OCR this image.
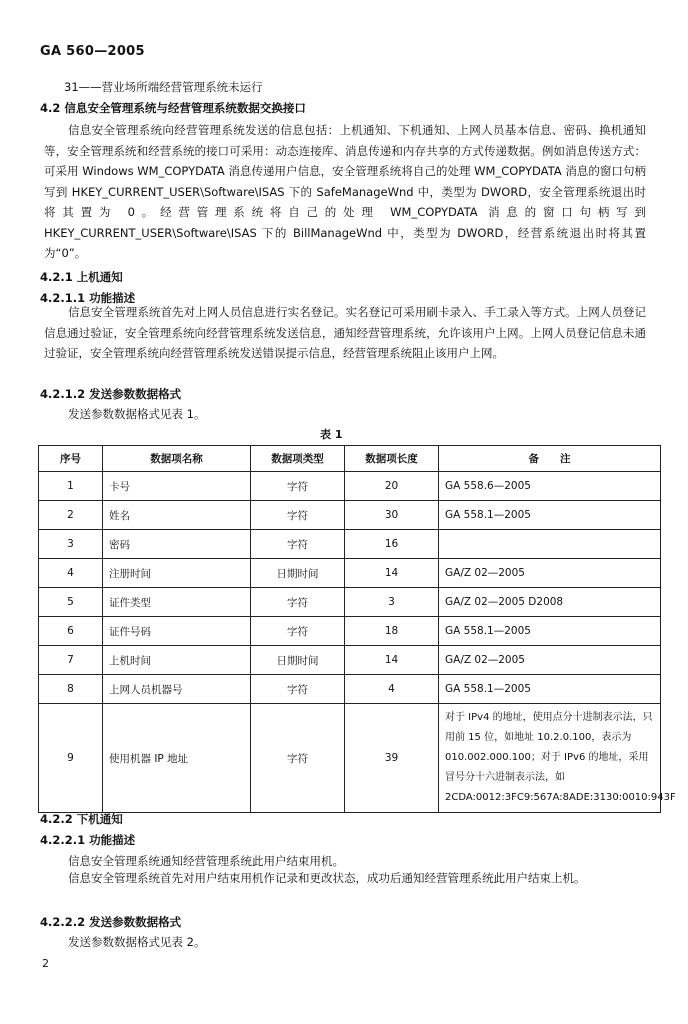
GA 560—2005
31——营业场所端经营管理系统未运行
4.2 信息安全管理系统与经营管理系统数据交换接口
信息安全管理系统向经营管理系统发送的信息包括：上机通知、下机通知、上网人员基本信息、密码、换机通知等，安全管理系统和经营系统的接口可采用：动态连接库、消息传递和内存共享的方式传递数据。例如消息传送方式：可采用 Windows WM_COPYDATA 消息传递用户信息，安全管理系统将自己的处理 WM_COPYDATA 消息的窗口句柄写到 HKEY_CURRENT_USER\Software\ISAS 下的 SafeManageWnd 中，类型为 DWORD，安全管理系统退出时将其置为 0。经营管理系统将自己的处理 WM_COPYDATA 消息的窗口句柄写到 HKEY_CURRENT_USER\Software\ISAS 下的 BillManageWnd 中，类型为 DWORD，经营系统退出时将其置为“0”。
4.2.1 上机通知
4.2.1.1 功能描述
信息安全管理系统首先对上网人员信息进行实名登记。实名登记可采用刷卡录入、手工录入等方式。上网人员登记信息通过验证，安全管理系统向经营管理系统发送信息，通知经营管理系统，允许该用户上网。上网人员登记信息未通过验证，安全管理系统向经营管理系统发送错误提示信息，经营管理系统阻止该用户上网。
4.2.1.2 发送参数数据格式
发送参数数据格式见表 1。
表 1
序号	数据项名称	数据项类型	数据项长度	备　　注
1	卡号	字符	20	GA 558.6—2005
2	姓名	字符	30	GA 558.1—2005
3	密码	字符	16	
4	注册时间	日期时间	14	GA/Z 02—2005
5	证件类型	字符	3	GA/Z 02—2005 D2008
6	证件号码	字符	18	GA 558.1—2005
7	上机时间	日期时间	14	GA/Z 02—2005
8	上网人员机器号	字符	4	GA 558.1—2005
9	使用机器 IP 地址	字符	39	对于 IPv4 的地址，使用点分十进制表示法，只用前 15 位，如地址 10.2.0.100，表示为 010.002.000.100；对于 IPv6 的地址，采用冒号分十六进制表示法，如 2CDA:0012:3FC9:567A:8ADE:3130:0010:943F
4.2.2 下机通知
4.2.2.1 功能描述
信息安全管理系统通知经营管理系统此用户结束用机。
信息安全管理系统首先对用户结束用机作记录和更改状态，成功后通知经营管理系统此用户结束上机。
4.2.2.2 发送参数数据格式
发送参数数据格式见表 2。
2
